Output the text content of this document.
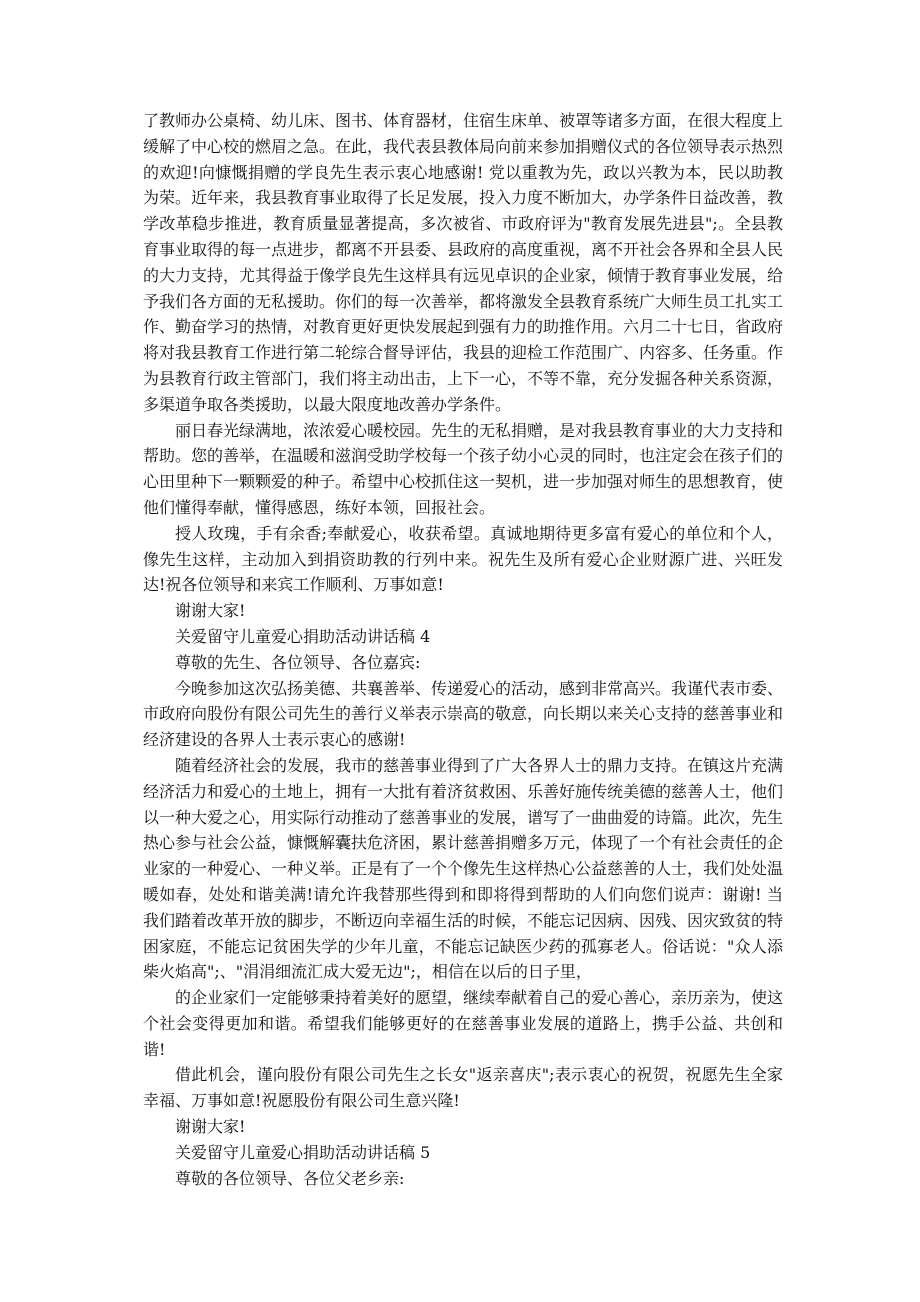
了教师办公桌椅、幼儿床、图书、体育器材，住宿生床单、被罩等诸多方面，在很大程度上缓解了中心校的燃眉之急。在此，我代表县教体局向前来参加捐赠仪式的各位领导表示热烈的欢迎!向慷慨捐赠的学良先生表示衷心地感谢! 党以重教为先，政以兴教为本，民以助教为荣。近年来，我县教育事业取得了长足发展，投入力度不断加大，办学条件日益改善，教学改革稳步推进，教育质量显著提高，多次被省、市政府评为"教育发展先进县";。全县教育事业取得的每一点进步，都离不开县委、县政府的高度重视，离不开社会各界和全县人民的大力支持，尤其得益于像学良先生这样具有远见卓识的企业家，倾情于教育事业发展，给予我们各方面的无私援助。你们的每一次善举，都将激发全县教育系统广大师生员工扎实工作、勤奋学习的热情，对教育更好更快发展起到强有力的助推作用。六月二十七日，省政府将对我县教育工作进行第二轮综合督导评估，我县的迎检工作范围广、内容多、任务重。作为县教育行政主管部门，我们将主动出击，上下一心，不等不靠，充分发掘各种关系资源，多渠道争取各类援助，以最大限度地改善办学条件。

丽日春光绿满地，浓浓爱心暖校园。先生的无私捐赠，是对我县教育事业的大力支持和帮助。您的善举，在温暖和滋润受助学校每一个孩子幼小心灵的同时，也注定会在孩子们的心田里种下一颗颗爱的种子。希望中心校抓住这一契机，进一步加强对师生的思想教育，使他们懂得奉献，懂得感恩，练好本领，回报社会。

授人玫瑰，手有余香;奉献爱心，收获希望。真诚地期待更多富有爱心的单位和个人，像先生这样，主动加入到捐资助教的行列中来。祝先生及所有爱心企业财源广进、兴旺发达!祝各位领导和来宾工作顺利、万事如意!

谢谢大家!

关爱留守儿童爱心捐助活动讲话稿 4

尊敬的先生、各位领导、各位嘉宾:

今晚参加这次弘扬美德、共襄善举、传递爱心的活动，感到非常高兴。我谨代表市委、市政府向股份有限公司先生的善行义举表示崇高的敬意，向长期以来关心支持的慈善事业和经济建设的各界人士表示衷心的感谢!

随着经济社会的发展，我市的慈善事业得到了广大各界人士的鼎力支持。在镇这片充满经济活力和爱心的土地上，拥有一大批有着济贫救困、乐善好施传统美德的慈善人士，他们以一种大爱之心，用实际行动推动了慈善事业的发展，谱写了一曲曲爱的诗篇。此次，先生热心参与社会公益，慷慨解囊扶危济困，累计慈善捐赠多万元，体现了一个有社会责任的企业家的一种爱心、一种义举。正是有了一个个像先生这样热心公益慈善的人士，我们处处温暖如春，处处和谐美满!请允许我替那些得到和即将得到帮助的人们向您们说声：谢谢! 当我们踏着改革开放的脚步，不断迈向幸福生活的时候，不能忘记因病、因残、因灾致贫的特困家庭，不能忘记贫困失学的少年儿童，不能忘记缺医少药的孤寡老人。俗话说："众人添柴火焰高";、"涓涓细流汇成大爱无边";，相信在以后的日子里，

的企业家们一定能够秉持着美好的愿望，继续奉献着自己的爱心善心，亲历亲为，使这个社会变得更加和谐。希望我们能够更好的在慈善事业发展的道路上，携手公益、共创和谐!

借此机会，谨向股份有限公司先生之长女"返亲喜庆";表示衷心的祝贺，祝愿先生全家幸福、万事如意!祝愿股份有限公司生意兴隆!

谢谢大家!

关爱留守儿童爱心捐助活动讲话稿 5

尊敬的各位领导、各位父老乡亲:
